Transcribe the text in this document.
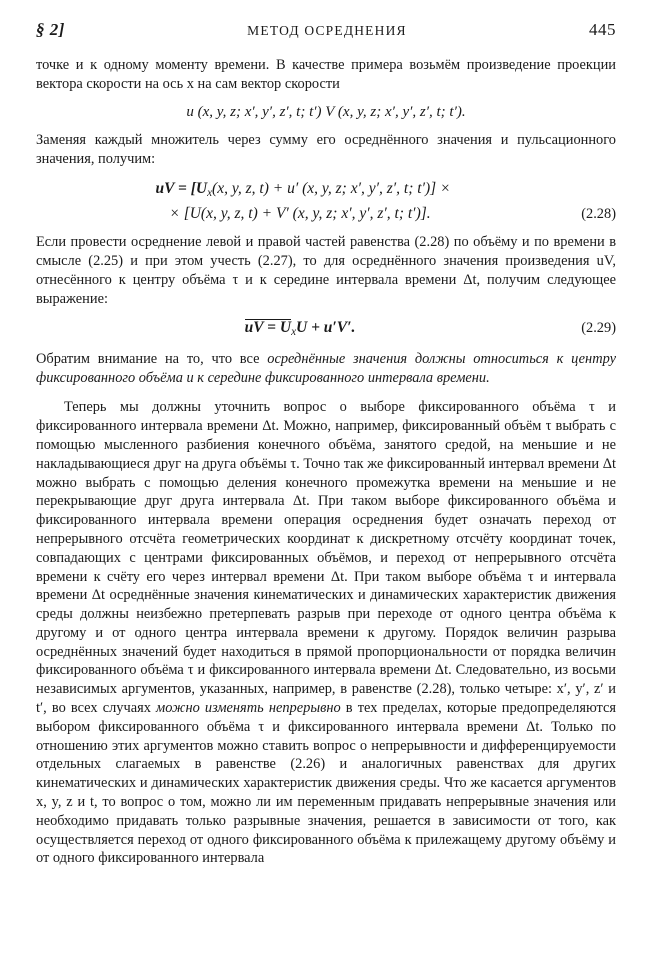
§ 2]	МЕТОД ОСРЕДНЕНИЯ	445

точке и к одному моменту времени. В качестве примера возьмём произведение проекции вектора скорости на ось x на сам вектор скорости

u (x, y, z; x′, y′, z′, t; t′) V (x, y, z; x′, y′, z′, t; t′).

Заменяя каждый множитель через сумму его осреднённого значения и пульсационного значения, получим:

uV = [$U_x(x$, y, z, t) + u′ (x, y, z; x′, y′, z′, t; t′)] ×
× [U(x, y, z, t) + V′ (x, y, z; x′, y′, z′, t; t′)].	(2.28)

Если провести осреднение левой и правой частей равенства (2.28) по объёму и по времени в смысле (2.25) и при этом учесть (2.27), то для осреднённого значения произведения uV, отнесённого к центру объёма τ и к середине интервала времени Δt, получим следующее выражение:

uV = $U_xU + u'V'$.	(2.29)

Обратим внимание на то, что все осреднённые значения должны относиться к центру фиксированного объёма и к середине фиксированного интервала времени.

Теперь мы должны уточнить вопрос о выборе фиксированного объёма τ и фиксированного интервала времени Δt. Можно, например, фиксированный объём τ выбрать с помощью мысленного разбиения конечного объёма, занятого средой, на меньшие и не накладывающиеся друг на друга объёмы τ. Точно так же фиксированный интервал времени Δt можно выбрать с помощью деления конечного промежутка времени на меньшие и не перекрывающие друг друга интервала Δt. При таком выборе фиксированного объёма и фиксированного интервала времени операция осреднения будет означать переход от непрерывного отсчёта геометрических координат к дискретному отсчёту координат точек, совпадающих с центрами фиксированных объёмов, и переход от непрерывного отсчёта времени к счёту его через интервал времени Δt. При таком выборе объёма τ и интервала времени Δt осреднённые значения кинематических и динамических характеристик движения среды должны неизбежно претерпевать разрыв при переходе от одного центра объёма к другому и от одного центра интервала времени к другому. Порядок величин разрыва осреднённых значений будет находиться в прямой пропорциональности от порядка величин фиксированного объёма τ и фиксированного интервала времени Δt. Следовательно, из восьми независимых аргументов, указанных, например, в равенстве (2.28), только четыре: x′, y′, z′ и t′, во всех случаях можно изменять непрерывно в тех пределах, которые предопределяются выбором фиксированного объёма τ и фиксированного интервала времени Δt. Только по отношению этих аргументов можно ставить вопрос о непрерывности и дифференцируемости отдельных слагаемых в равенстве (2.26) и аналогичных равенствах для других кинематических и динамических характеристик движения среды. Что же касается аргументов x, y, z и t, то вопрос о том, можно ли им переменным придавать непрерывные значения или необходимо придавать только разрывные значения, решается в зависимости от того, как осуществляется переход от одного фиксированного объёма к прилежащему другому объёму и от одного фиксированного интервала
